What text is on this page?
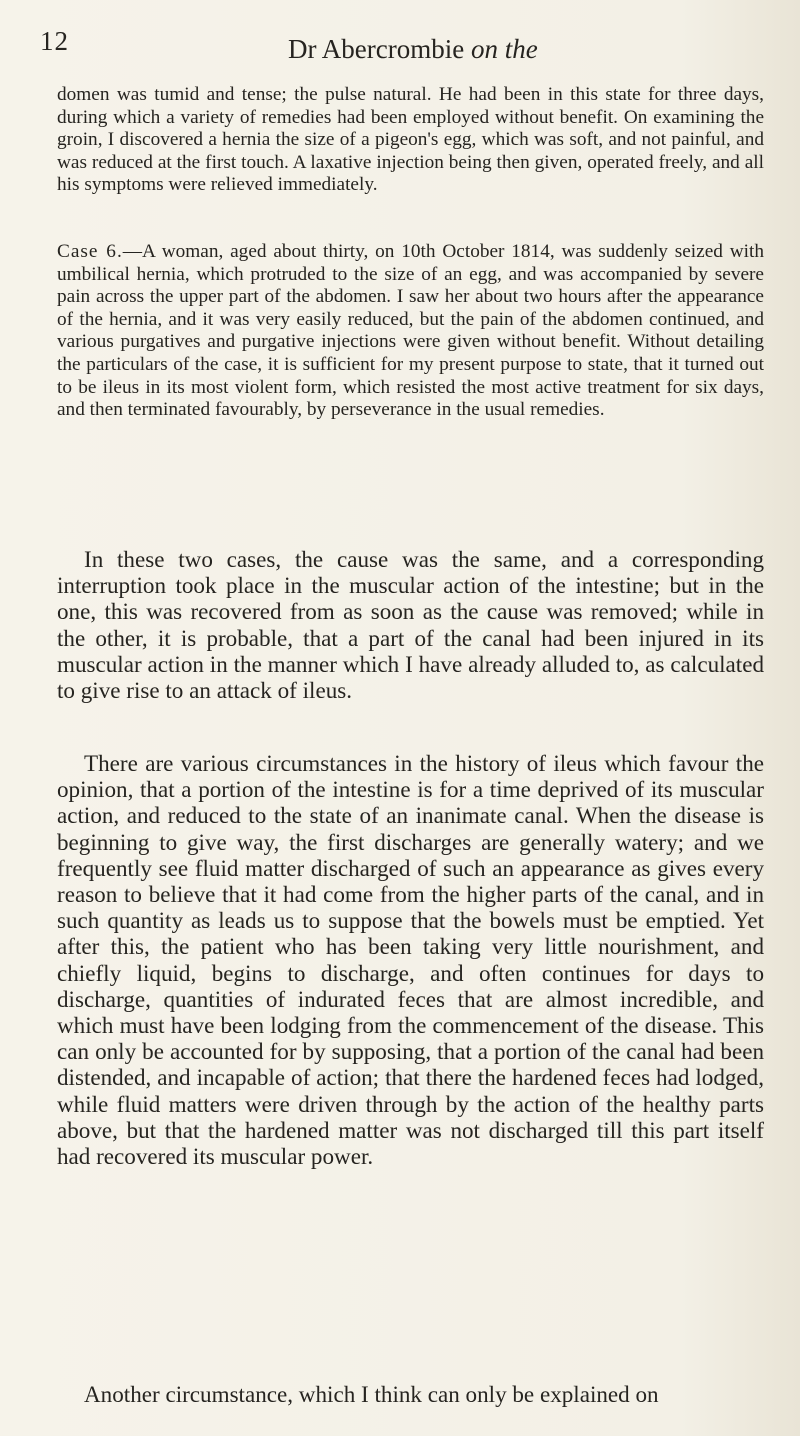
12	Dr Abercrombie on the

domen was tumid and tense; the pulse natural. He had been in this state for three days, during which a variety of remedies had been employed without benefit. On examining the groin, I discovered a hernia the size of a pigeon's egg, which was soft, and not painful, and was reduced at the first touch. A laxative injection being then given, operated freely, and all his symptoms were relieved immediately.

Case 6.—A woman, aged about thirty, on 10th October 1814, was suddenly seized with umbilical hernia, which protruded to the size of an egg, and was accompanied by severe pain across the upper part of the abdomen. I saw her about two hours after the appearance of the hernia, and it was very easily reduced, but the pain of the abdomen continued, and various purgatives and purgative injections were given without benefit. Without detailing the particulars of the case, it is sufficient for my present purpose to state, that it turned out to be ileus in its most violent form, which resisted the most active treatment for six days, and then terminated favourably, by perseverance in the usual remedies.

In these two cases, the cause was the same, and a corresponding interruption took place in the muscular action of the intestine; but in the one, this was recovered from as soon as the cause was removed; while in the other, it is probable, that a part of the canal had been injured in its muscular action in the manner which I have already alluded to, as calculated to give rise to an attack of ileus.

There are various circumstances in the history of ileus which favour the opinion, that a portion of the intestine is for a time deprived of its muscular action, and reduced to the state of an inanimate canal. When the disease is beginning to give way, the first discharges are generally watery; and we frequently see fluid matter discharged of such an appearance as gives every reason to believe that it had come from the higher parts of the canal, and in such quantity as leads us to suppose that the bowels must be emptied. Yet after this, the patient who has been taking very little nourishment, and chiefly liquid, begins to discharge, and often continues for days to discharge, quantities of indurated feces that are almost incredible, and which must have been lodging from the commencement of the disease. This can only be accounted for by supposing, that a portion of the canal had been distended, and incapable of action; that there the hardened feces had lodged, while fluid matters were driven through by the action of the healthy parts above, but that the hardened matter was not discharged till this part itself had recovered its muscular power.

Another circumstance, which I think can only be explained on
